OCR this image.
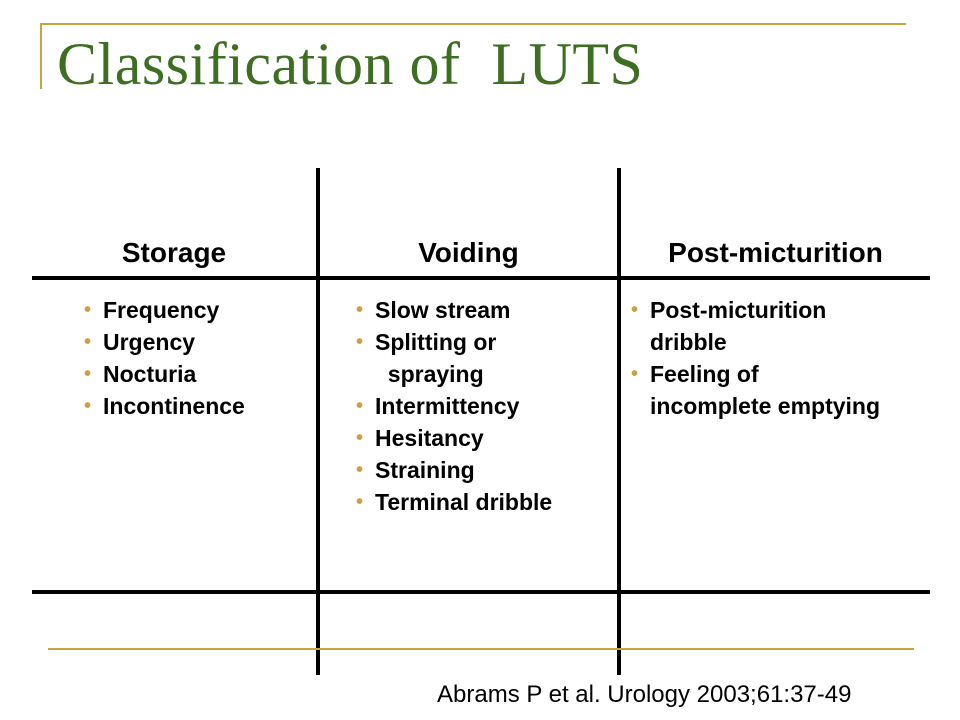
Classification of  LUTS
Storage	Voiding	Post-micturition
• Frequency
• Urgency
• Nocturia
• Incontinence
• Slow stream
• Splitting or
spraying
• Intermittency
• Hesitancy
• Straining
• Terminal dribble
• Post-micturition
dribble
• Feeling of
incomplete emptying
Abrams P et al. Urology 2003;61:37-49
